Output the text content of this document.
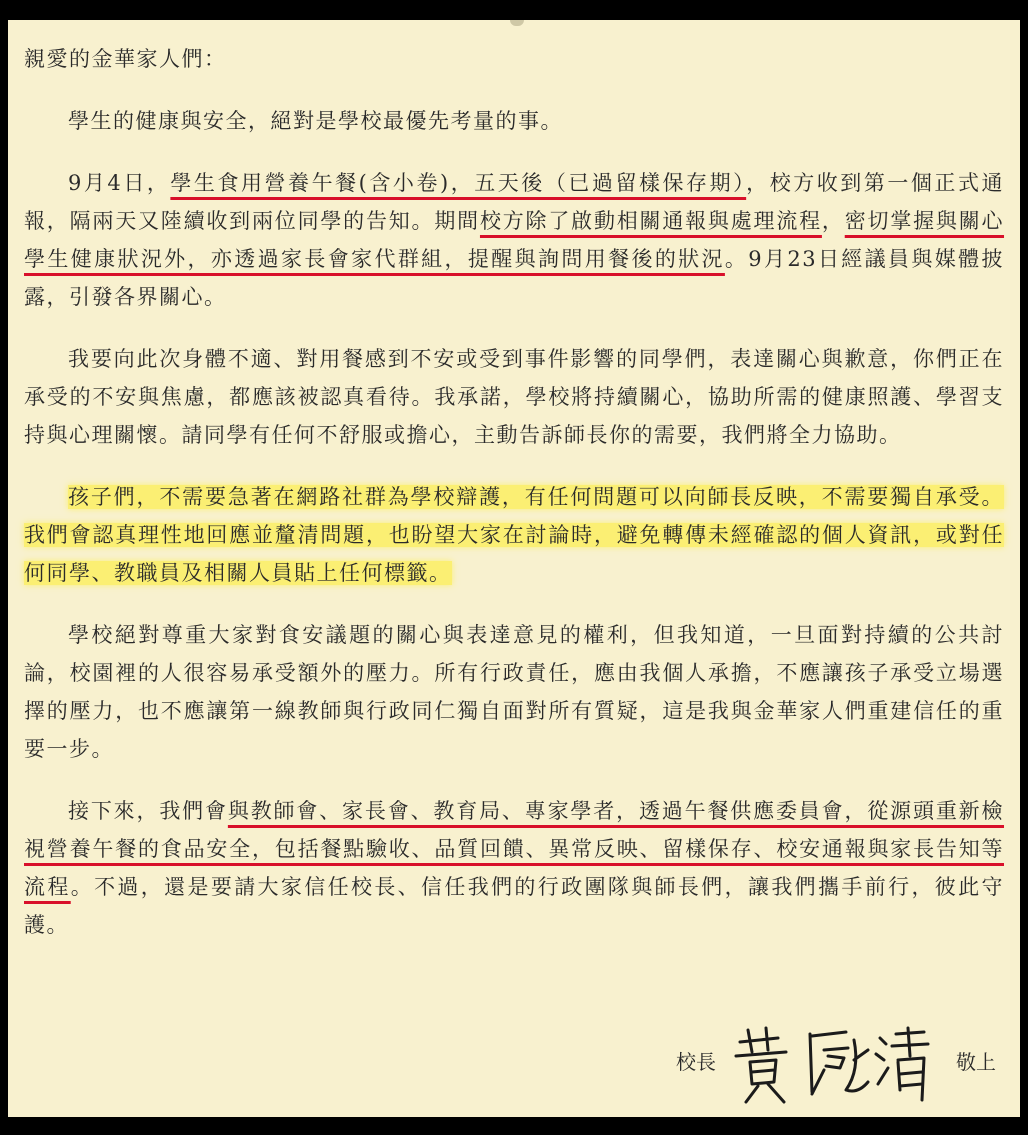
親愛的金華家人們：

學生的健康與安全，絕對是學校最優先考量的事。

9月4日，學生食用營養午餐(含小卷)，五天後（已過留樣保存期），校方收到第一個正式通報，隔兩天又陸續收到兩位同學的告知。期間校方除了啟動相關通報與處理流程，密切掌握與關心學生健康狀況外，亦透過家長會家代群組，提醒與詢問用餐後的狀況。9月23日經議員與媒體披露，引發各界關心。

我要向此次身體不適、對用餐感到不安或受到事件影響的同學們，表達關心與歉意，你們正在承受的不安與焦慮，都應該被認真看待。我承諾，學校將持續關心，協助所需的健康照護、學習支持與心理關懷。請同學有任何不舒服或擔心，主動告訴師長你的需要，我們將全力協助。

孩子們，不需要急著在網路社群為學校辯護，有任何問題可以向師長反映，不需要獨自承受。我們會認真理性地回應並釐清問題，也盼望大家在討論時，避免轉傳未經確認的個人資訊，或對任何同學、教職員及相關人員貼上任何標籤。

學校絕對尊重大家對食安議題的關心與表達意見的權利，但我知道，一旦面對持續的公共討論，校園裡的人很容易承受額外的壓力。所有行政責任，應由我個人承擔，不應讓孩子承受立場選擇的壓力，也不應讓第一線教師與行政同仁獨自面對所有質疑，這是我與金華家人們重建信任的重要一步。

接下來，我們會與教師會、家長會、教育局、專家學者，透過午餐供應委員會，從源頭重新檢視營養午餐的食品安全，包括餐點驗收、品質回饋、異常反映、留樣保存、校安通報與家長告知等流程。不過，還是要請大家信任校長、信任我們的行政團隊與師長們，讓我們攜手前行，彼此守護。

校長	敬上
